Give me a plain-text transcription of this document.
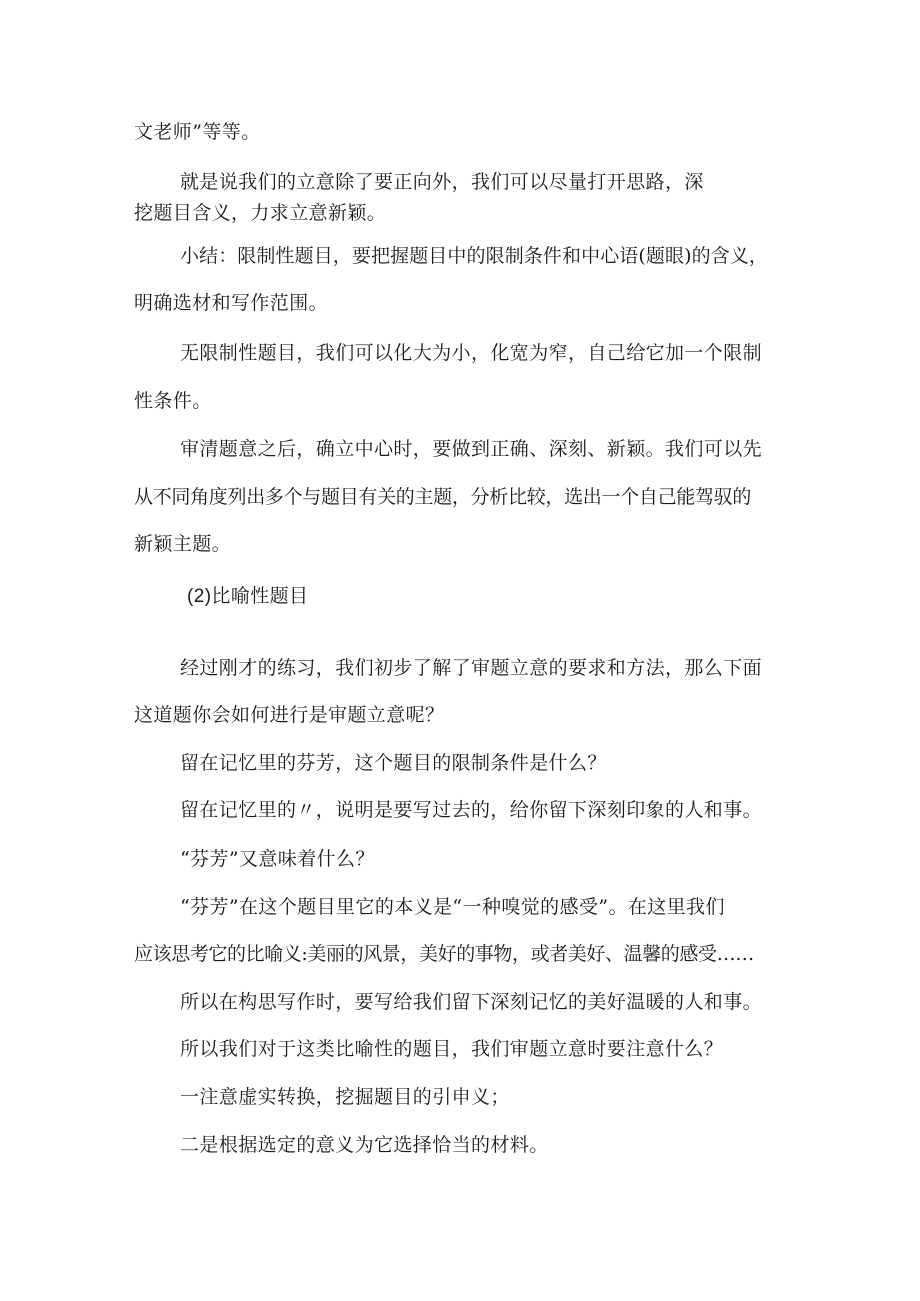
文老师”等等。
就是说我们的立意除了要正向外，我们可以尽量打开思路，深
挖题目含义，力求立意新颖。
小结：限制性题目，要把握题目中的限制条件和中心语(题眼)的含义，
明确选材和写作范围。
无限制性题目，我们可以化大为小，化宽为窄，自己给它加一个限制
性条件。
审清题意之后，确立中心时，要做到正确、深刻、新颖。我们可以先
从不同角度列出多个与题目有关的主题，分析比较，选出一个自己能驾驭的
新颖主题。
(2)比喻性题目
经过刚才的练习，我们初步了解了审题立意的要求和方法，那么下面
这道题你会如何进行是审题立意呢？
留在记忆里的芬芳，这个题目的限制条件是什么？
留在记忆里的〃，说明是要写过去的，给你留下深刻印象的人和事。
“芬芳”又意味着什么？
“芬芳”在这个题目里它的本义是“一种嗅觉的感受”。在这里我们
应该思考它的比喻义:美丽的风景，美好的事物，或者美好、温馨的感受……
所以在构思写作时，要写给我们留下深刻记忆的美好温暖的人和事。
所以我们对于这类比喻性的题目，我们审题立意时要注意什么？
一注意虚实转换，挖掘题目的引申义；
二是根据选定的意义为它选择恰当的材料。
